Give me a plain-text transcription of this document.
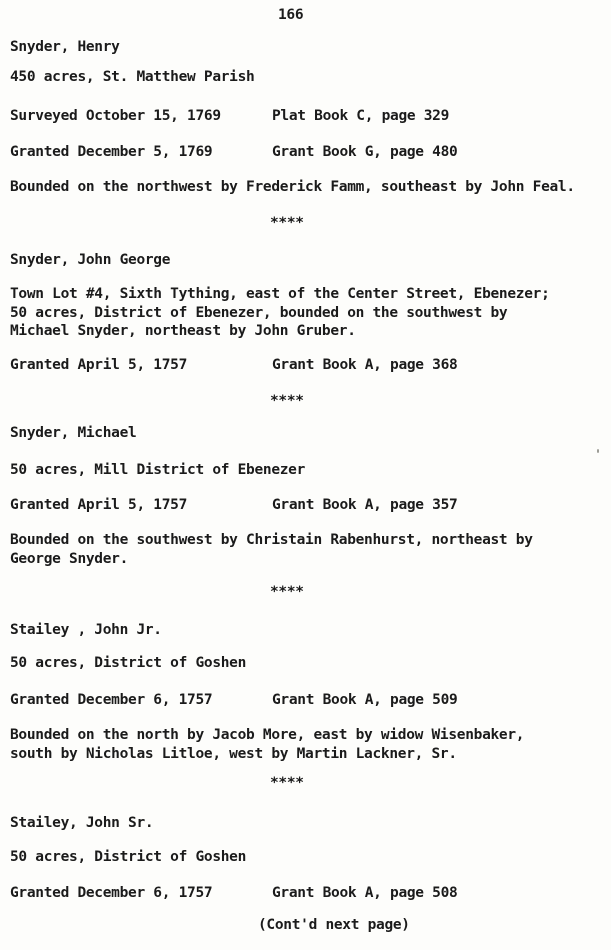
166
Snyder, Henry
450 acres, St. Matthew Parish
Surveyed October 15, 1769	Plat Book C, page 329
Granted December 5, 1769	Grant Book G, page 480
Bounded on the northwest by Frederick Famm, southeast by John Feal.
****
Snyder, John George
Town Lot #4, Sixth Tything, east of the Center Street, Ebenezer;
50 acres, District of Ebenezer, bounded on the southwest by
Michael Snyder, northeast by John Gruber.
Granted April 5, 1757	Grant Book A, page 368
****
Snyder, Michael
50 acres, Mill District of Ebenezer
Granted April 5, 1757	Grant Book A, page 357
Bounded on the southwest by Christain Rabenhurst, northeast by
George Snyder.
****
Stailey , John Jr.
50 acres, District of Goshen
Granted December 6, 1757	Grant Book A, page 509
Bounded on the north by Jacob More, east by widow Wisenbaker,
south by Nicholas Litloe, west by Martin Lackner, Sr.
****
Stailey, John Sr.
50 acres, District of Goshen
Granted December 6, 1757	Grant Book A, page 508
(Cont'd next page)
